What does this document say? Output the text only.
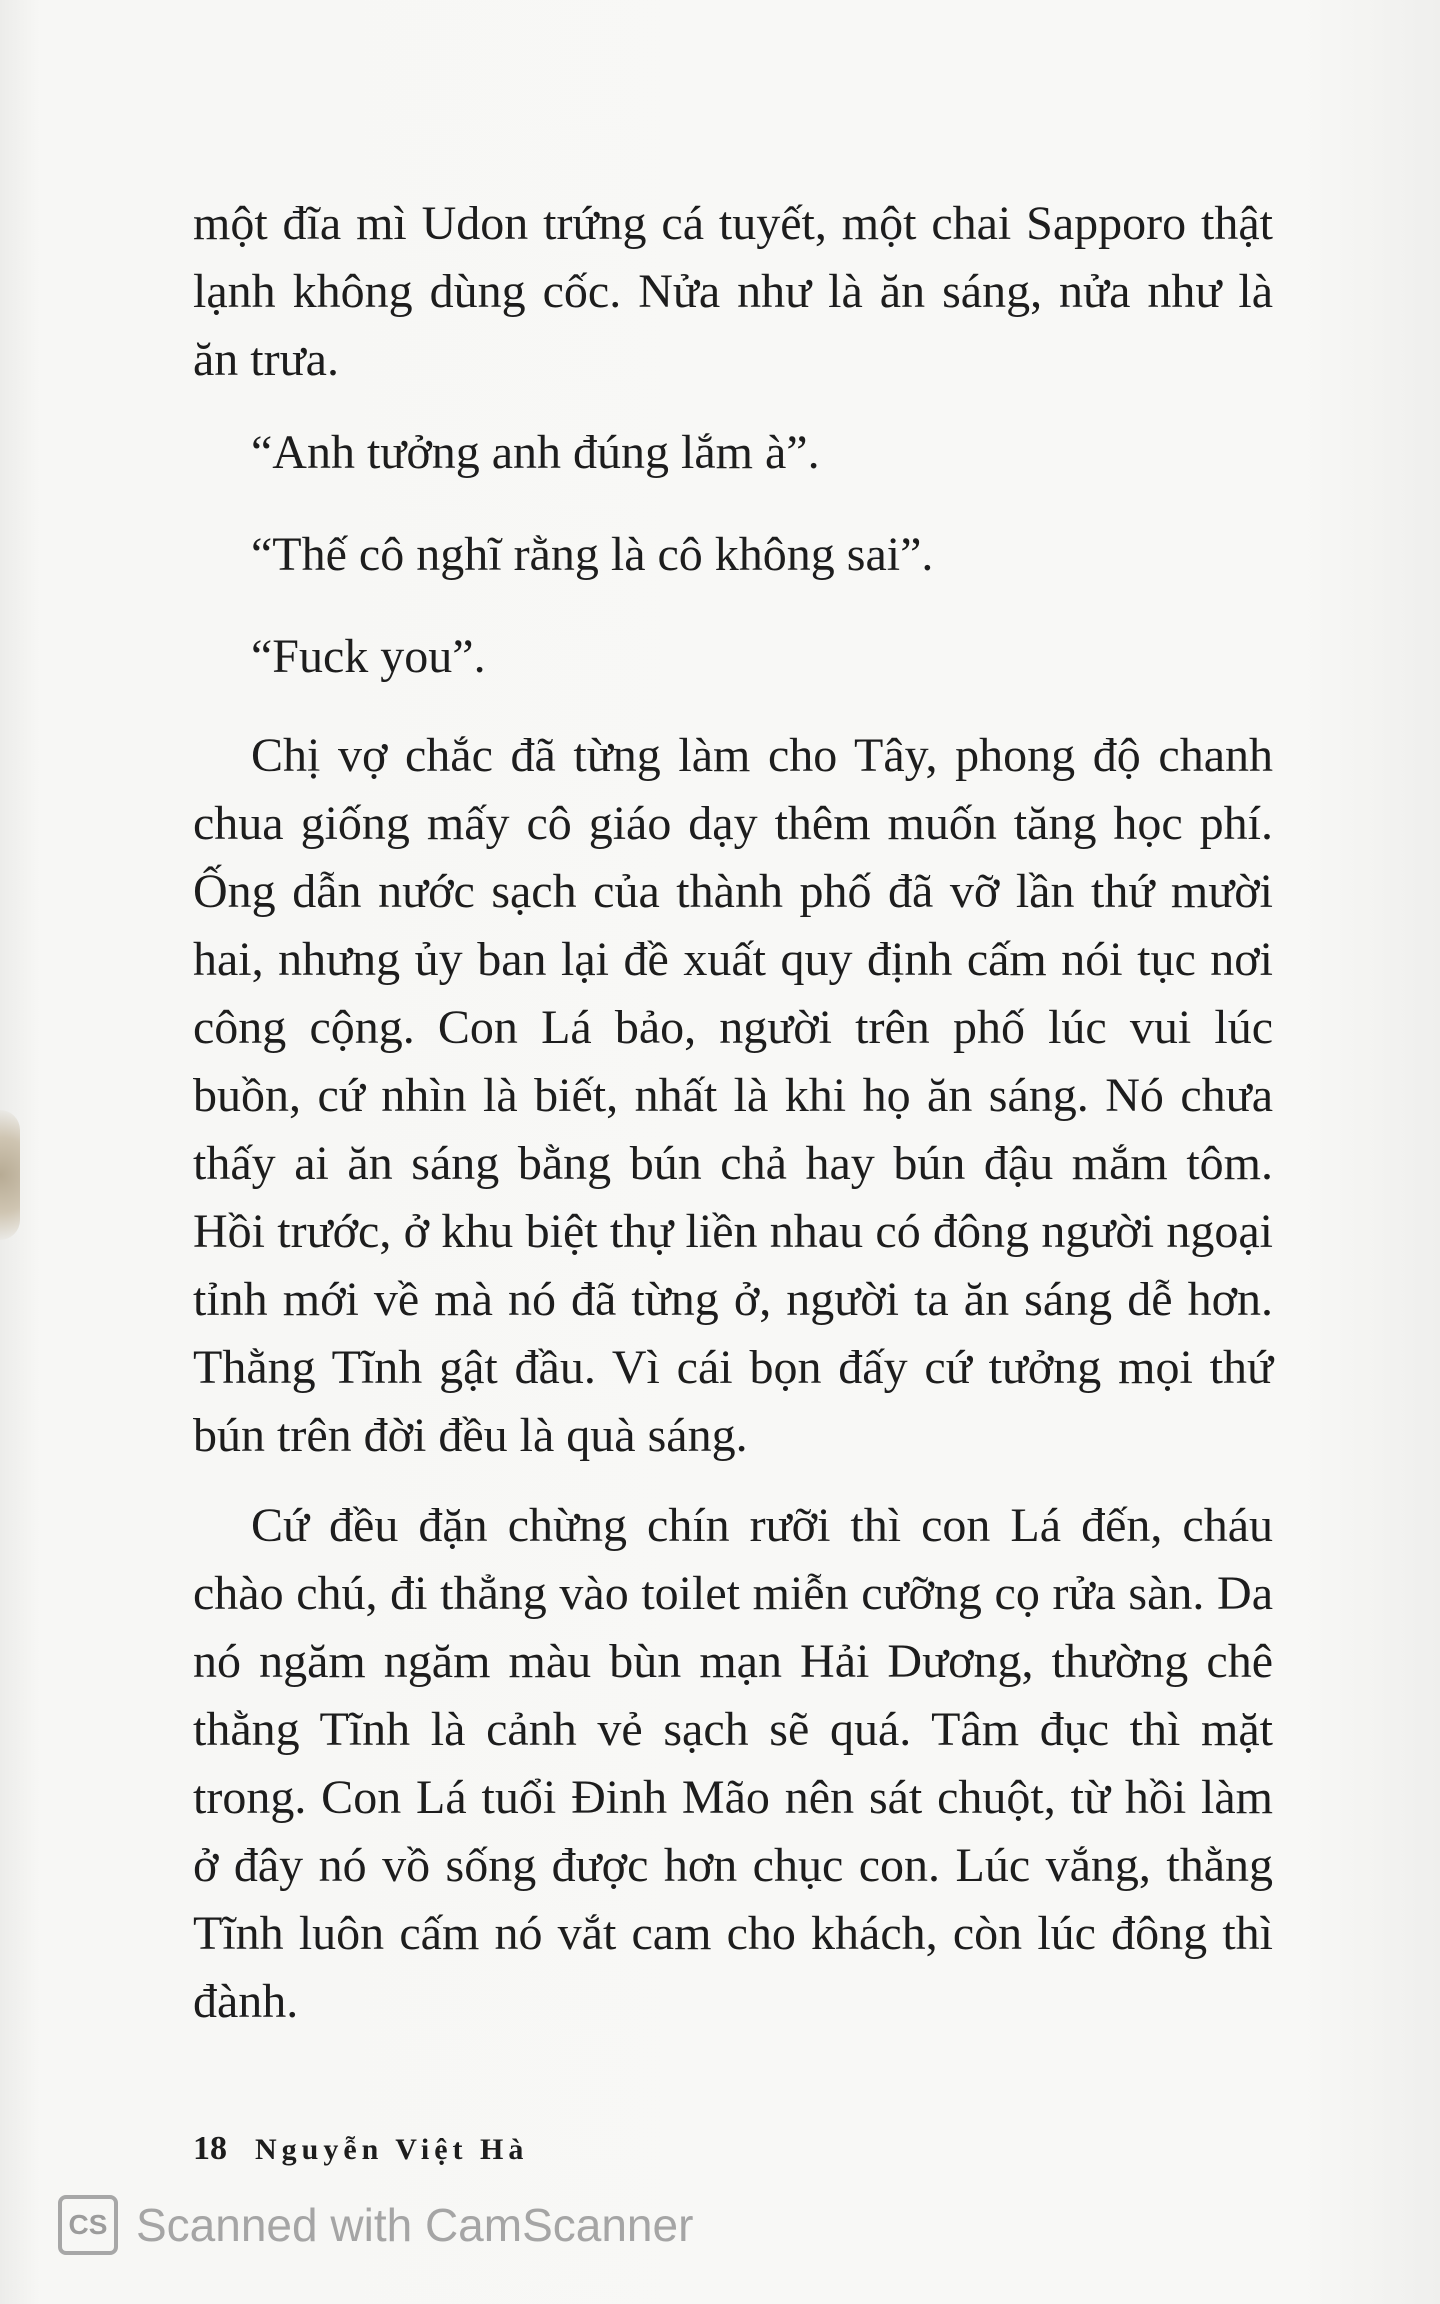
một đĩa mì Udon trứng cá tuyết, một chai Sapporo thật lạnh không dùng cốc. Nửa như là ăn sáng, nửa như là ăn trưa.

“Anh tưởng anh đúng lắm à”.

“Thế cô nghĩ rằng là cô không sai”.

“Fuck you”.

Chị vợ chắc đã từng làm cho Tây, phong độ chanh chua giống mấy cô giáo dạy thêm muốn tăng học phí. Ống dẫn nước sạch của thành phố đã vỡ lần thứ mười hai, nhưng ủy ban lại đề xuất quy định cấm nói tục nơi công cộng. Con Lá bảo, người trên phố lúc vui lúc buồn, cứ nhìn là biết, nhất là khi họ ăn sáng. Nó chưa thấy ai ăn sáng bằng bún chả hay bún đậu mắm tôm. Hồi trước, ở khu biệt thự liền nhau có đông người ngoại tỉnh mới về mà nó đã từng ở, người ta ăn sáng dễ hơn. Thằng Tĩnh gật đầu. Vì cái bọn đấy cứ tưởng mọi thứ bún trên đời đều là quà sáng.

Cứ đều đặn chừng chín rưỡi thì con Lá đến, cháu chào chú, đi thẳng vào toilet miễn cưỡng cọ rửa sàn. Da nó ngăm ngăm màu bùn mạn Hải Dương, thường chê thằng Tĩnh là cảnh vẻ sạch sẽ quá. Tâm đục thì mặt trong. Con Lá tuổi Đinh Mão nên sát chuột, từ hồi làm ở đây nó vồ sống được hơn chục con. Lúc vắng, thằng Tĩnh luôn cấm nó vắt cam cho khách, còn lúc đông thì đành.

18 Nguyễn Việt Hà
CS Scanned with CamScanner
